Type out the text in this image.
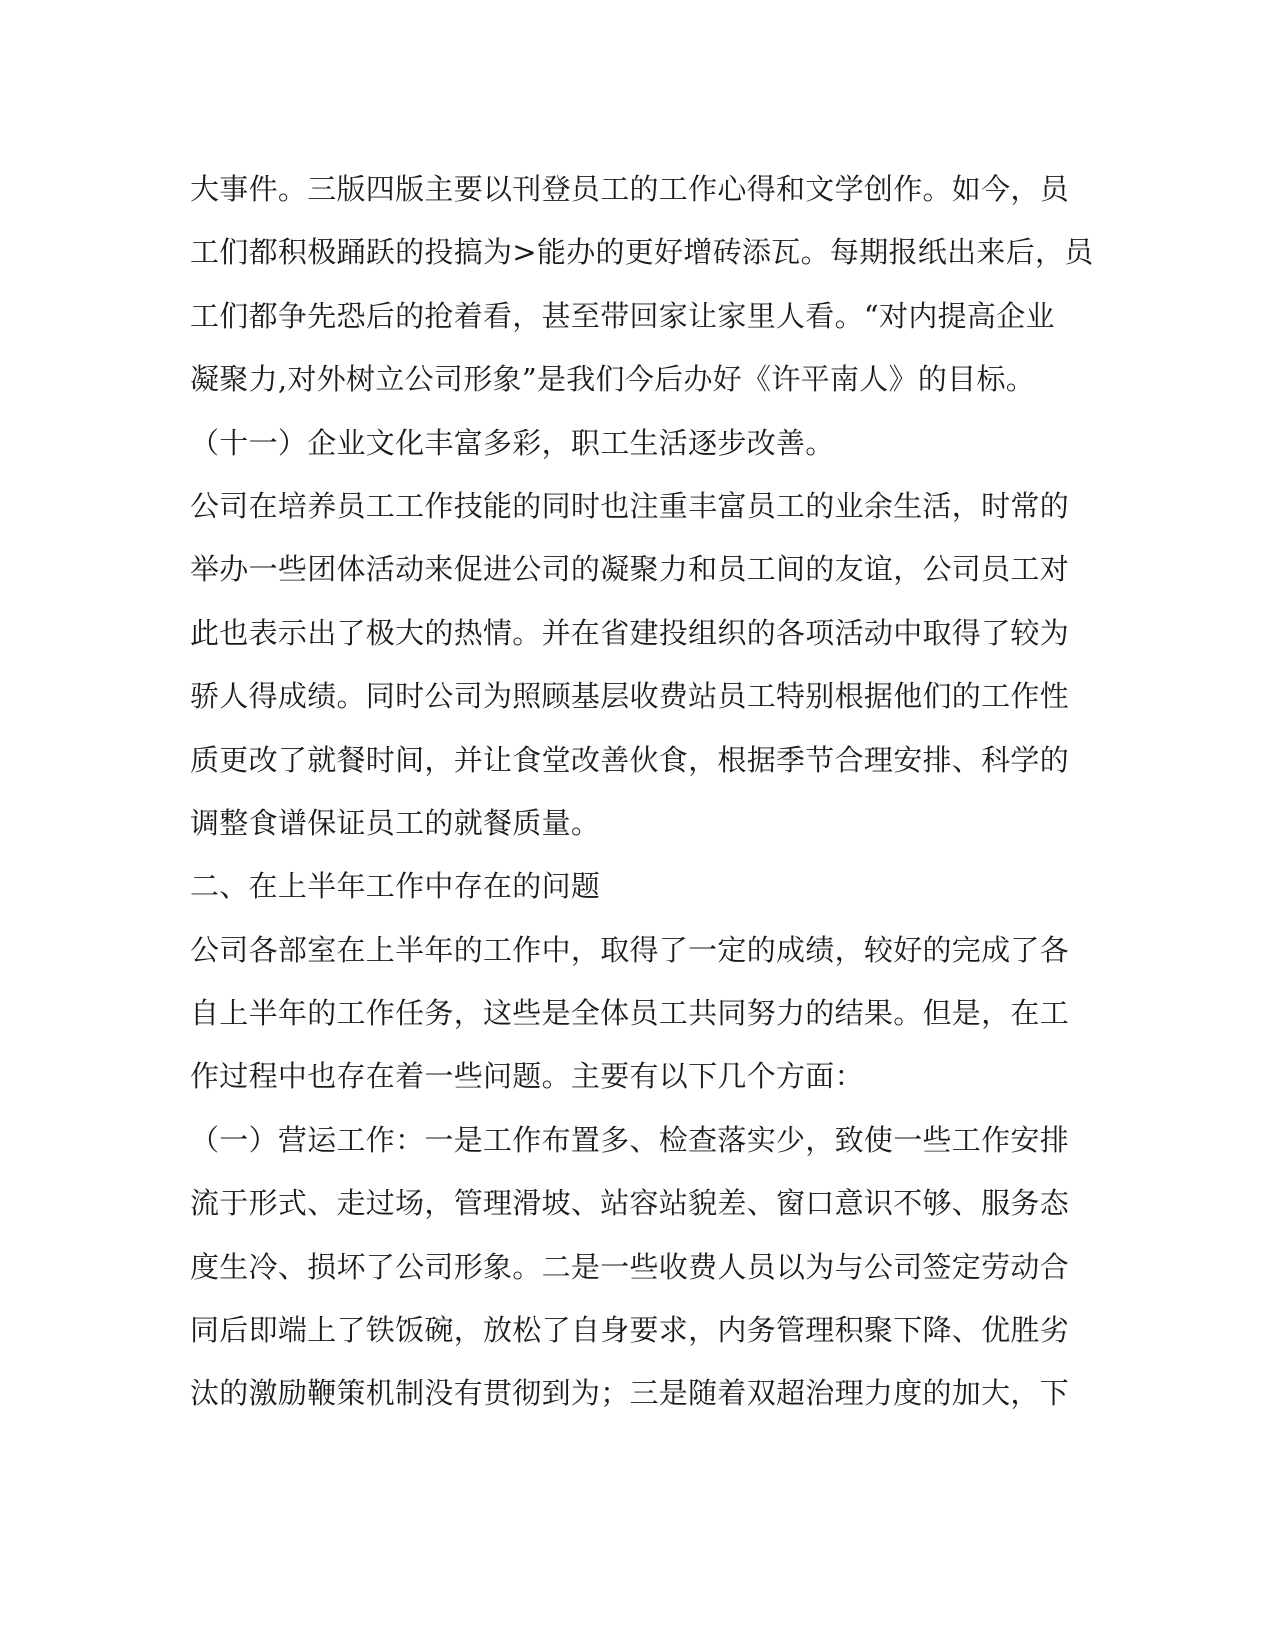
大事件。三版四版主要以刊登员工的工作心得和文学创作。如今，员
工们都积极踊跃的投搞为>能办的更好增砖添瓦。每期报纸出来后，员
工们都争先恐后的抢着看，甚至带回家让家里人看。“对内提高企业
凝聚力,对外树立公司形象”是我们今后办好《许平南人》的目标。
（十一）企业文化丰富多彩，职工生活逐步改善。
公司在培养员工工作技能的同时也注重丰富员工的业余生活，时常的
举办一些团体活动来促进公司的凝聚力和员工间的友谊，公司员工对
此也表示出了极大的热情。并在省建投组织的各项活动中取得了较为
骄人得成绩。同时公司为照顾基层收费站员工特别根据他们的工作性
质更改了就餐时间，并让食堂改善伙食，根据季节合理安排、科学的
调整食谱保证员工的就餐质量。
二、在上半年工作中存在的问题
公司各部室在上半年的工作中，取得了一定的成绩，较好的完成了各
自上半年的工作任务，这些是全体员工共同努力的结果。但是，在工
作过程中也存在着一些问题。主要有以下几个方面：
（一）营运工作：一是工作布置多、检查落实少，致使一些工作安排
流于形式、走过场，管理滑坡、站容站貌差、窗口意识不够、服务态
度生冷、损坏了公司形象。二是一些收费人员以为与公司签定劳动合
同后即端上了铁饭碗，放松了自身要求，内务管理积聚下降、优胜劣
汰的激励鞭策机制没有贯彻到为；三是随着双超治理力度的加大，下
